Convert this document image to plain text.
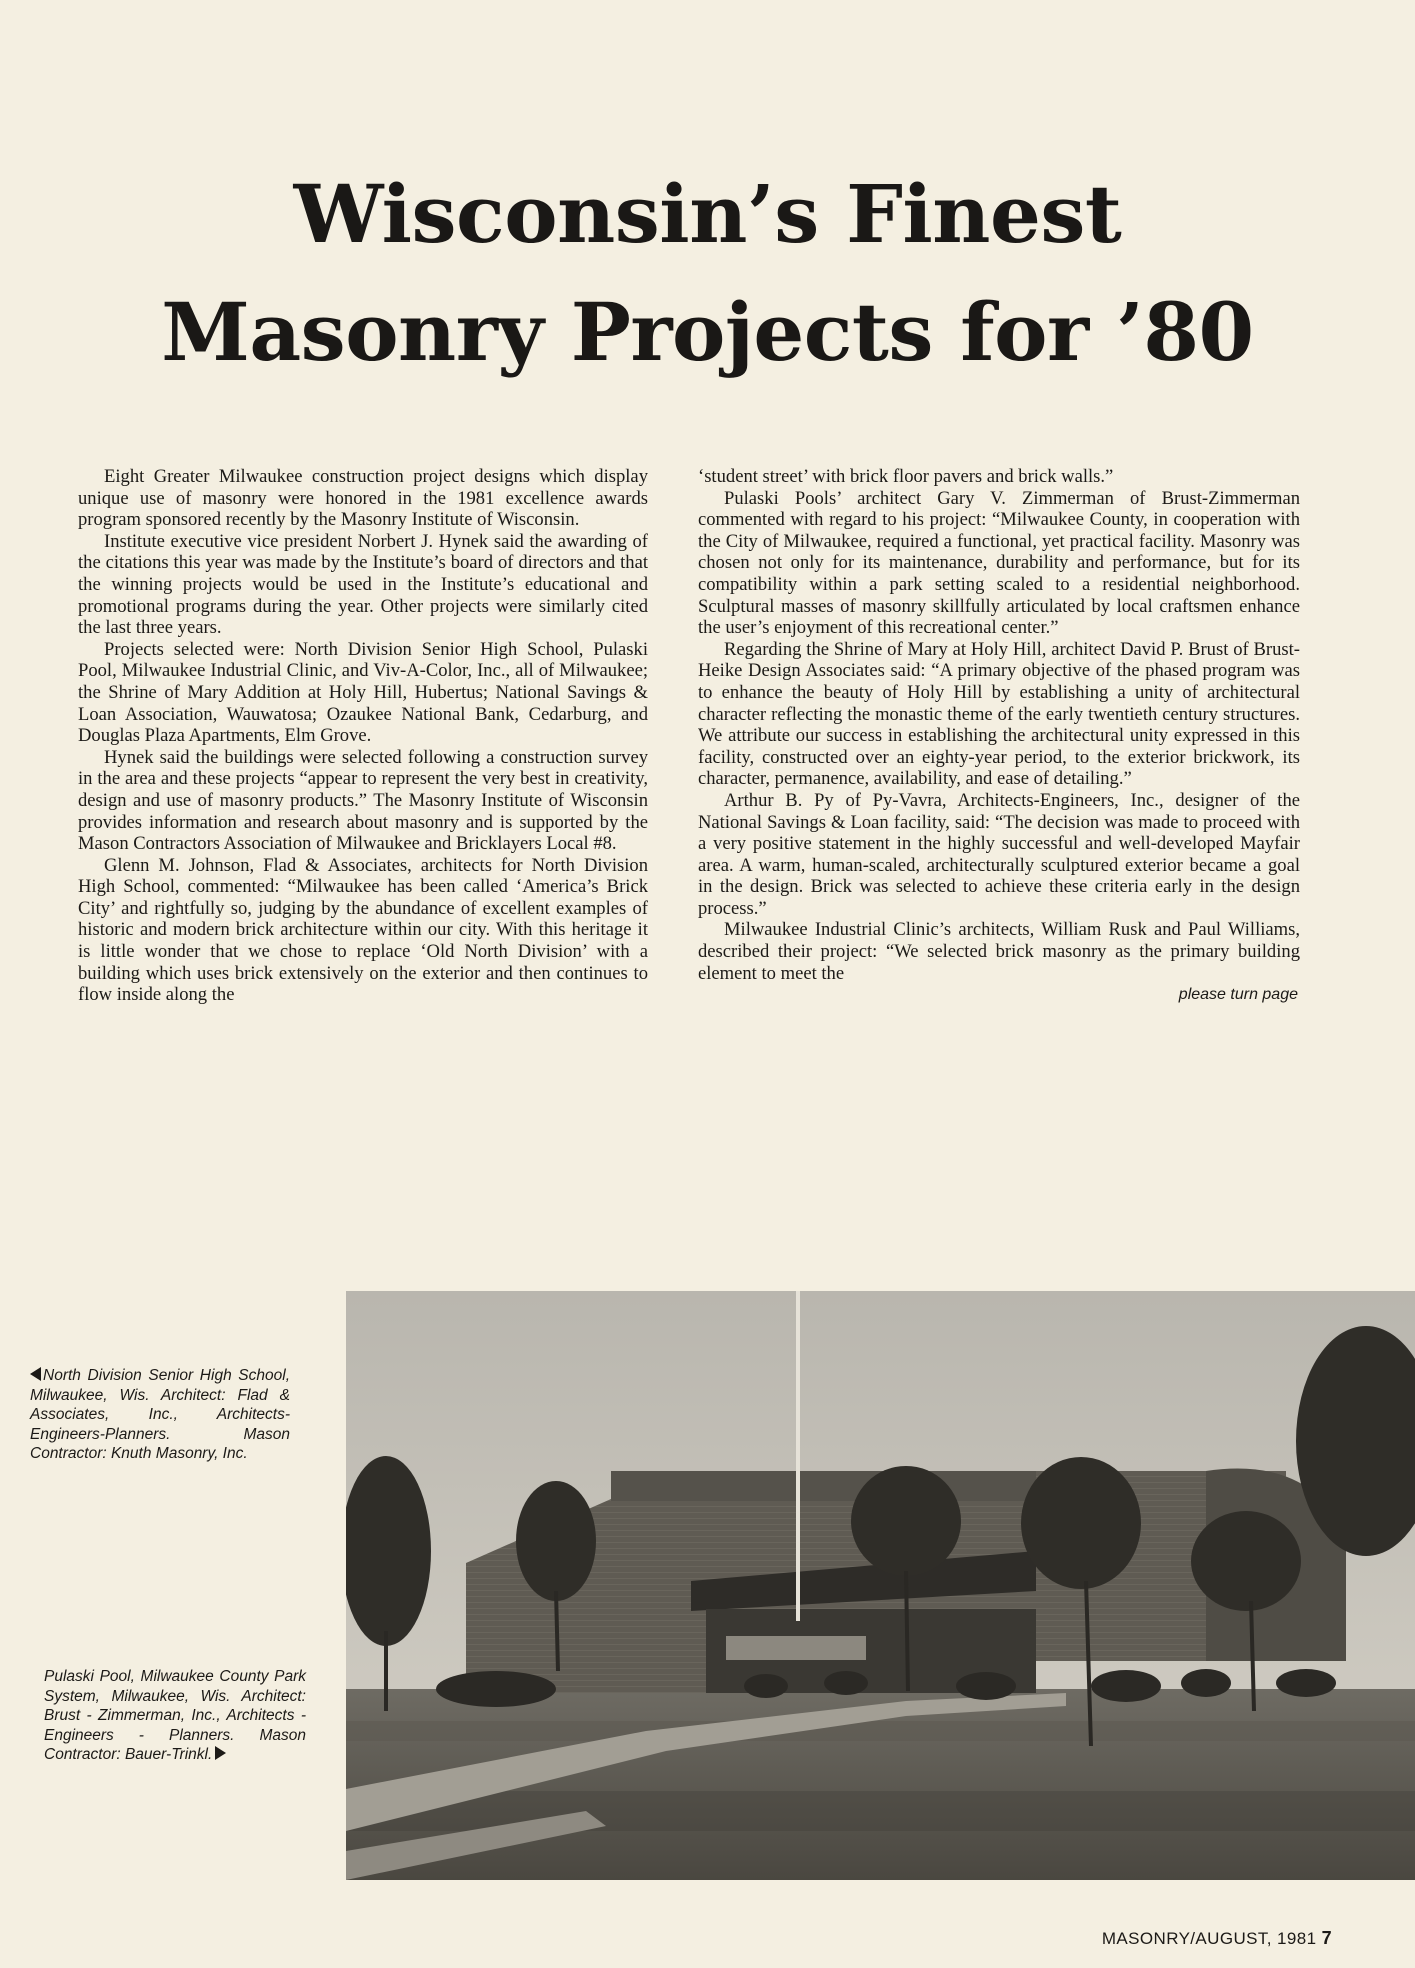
Wisconsin’s Finest
Masonry Projects for ’80

Eight Greater Milwaukee construction project designs which display unique use of masonry were honored in the 1981 excellence awards program sponsored recently by the Masonry Institute of Wisconsin.

Institute executive vice president Norbert J. Hynek said the awarding of the citations this year was made by the Institute’s board of directors and that the winning projects would be used in the Institute’s educational and promotional programs during the year. Other projects were similarly cited the last three years.

Projects selected were: North Division Senior High School, Pulaski Pool, Milwaukee Industrial Clinic, and Viv-A-Color, Inc., all of Milwaukee; the Shrine of Mary Addition at Holy Hill, Hubertus; National Savings & Loan Association, Wauwatosa; Ozaukee National Bank, Cedarburg, and Douglas Plaza Apartments, Elm Grove.

Hynek said the buildings were selected following a construction survey in the area and these projects “appear to represent the very best in creativity, design and use of masonry products.” The Masonry Institute of Wisconsin provides information and research about masonry and is supported by the Mason Contractors Association of Milwaukee and Bricklayers Local #8.

Glenn M. Johnson, Flad & Associates, architects for North Division High School, commented: “Milwaukee has been called ‘America’s Brick City’ and rightfully so, judging by the abundance of excellent examples of historic and modern brick architecture within our city. With this heritage it is little wonder that we chose to replace ‘Old North Division’ with a building which uses brick extensively on the exterior and then continues to flow inside along the

‘student street’ with brick floor pavers and brick walls.”

Pulaski Pools’ architect Gary V. Zimmerman of Brust-Zimmerman commented with regard to his project: “Milwaukee County, in cooperation with the City of Milwaukee, required a functional, yet practical facility. Masonry was chosen not only for its maintenance, durability and performance, but for its compatibility within a park setting scaled to a residential neighborhood. Sculptural masses of masonry skillfully articulated by local craftsmen enhance the user’s enjoyment of this recreational center.”

Regarding the Shrine of Mary at Holy Hill, architect David P. Brust of Brust-Heike Design Associates said: “A primary objective of the phased program was to enhance the beauty of Holy Hill by establishing a unity of architectural character reflecting the monastic theme of the early twentieth century structures. We attribute our success in establishing the architectural unity expressed in this facility, constructed over an eighty-year period, to the exterior brickwork, its character, permanence, availability, and ease of detailing.”

Arthur B. Py of Py-Vavra, Architects-Engineers, Inc., designer of the National Savings & Loan facility, said: “The decision was made to proceed with a very positive statement in the highly successful and well-developed Mayfair area. A warm, human-scaled, architecturally sculptured exterior became a goal in the design. Brick was selected to achieve these criteria early in the design process.”

Milwaukee Industrial Clinic’s architects, William Rusk and Paul Williams, described their project: “We selected brick masonry as the primary building element to meet the

please turn page

North Division Senior High School, Milwaukee, Wis. Architect: Flad & Associates, Inc., Architects-Engineers-Planners. Mason Contractor: Knuth Masonry, Inc.
Pulaski Pool, Milwaukee County Park System, Milwaukee, Wis. Architect: Brust - Zimmerman, Inc., Architects - Engineers - Planners. Mason Contractor: Bauer-Trinkl.
MASONRY/AUGUST, 1981 7
